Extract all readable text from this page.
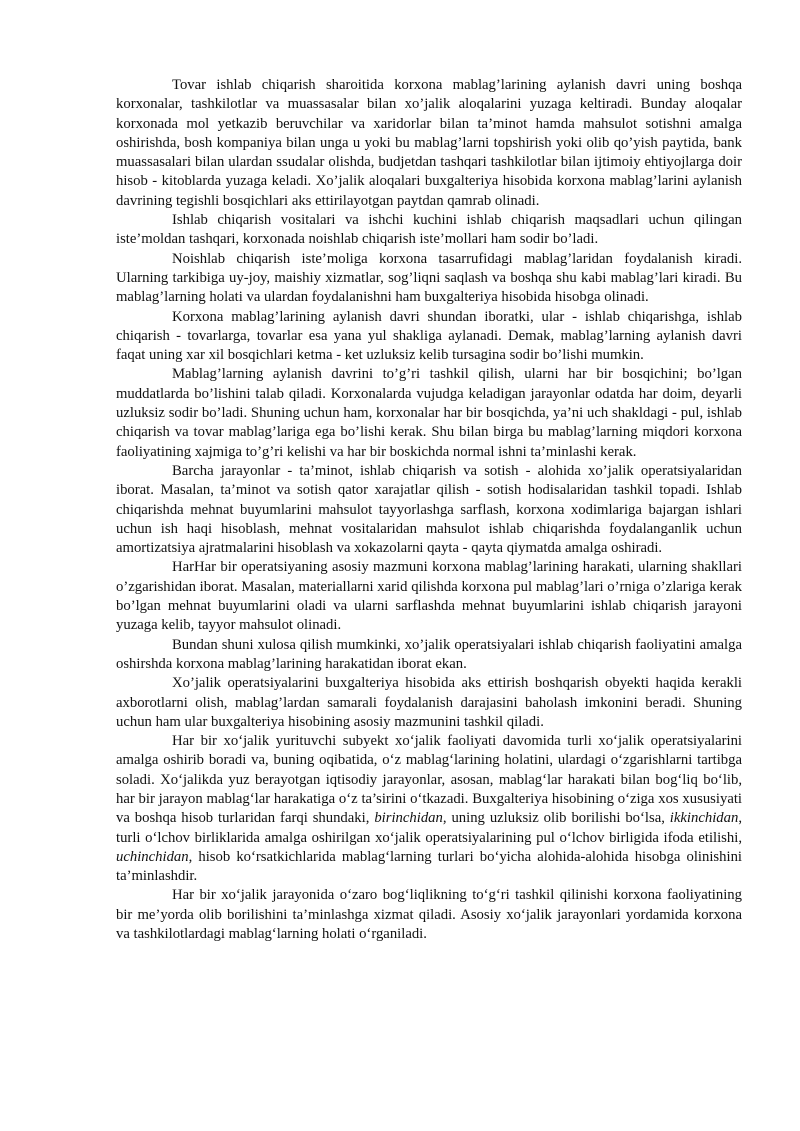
Tovar ishlab chiqarish sharoitida korxona mablag’larining aylanish davri uning boshqa korxonalar, tashkilotlar va muassasalar bilan xo’jalik aloqalarini yuzaga keltiradi. Bunday aloqalar korxonada mol yetkazib beruvchilar va xaridorlar bilan ta’minot hamda mahsulot sotishni amalga oshirishda, bosh kompaniya bilan unga u yoki bu mablag’larni topshirish yoki olib qo’yish paytida, bank muassasalari bilan ulardan ssudalar olishda, budjetdan tashqari tashkilotlar bilan ijtimoiy ehtiyojlarga doir hisob - kitoblarda yuzaga keladi. Xo’jalik aloqalari buxgalteriya hisobida korxona mablag’larini aylanish davrining tegishli bosqichlari aks ettirilayotgan paytdan qamrab olinadi.

Ishlab chiqarish vositalari va ishchi kuchini ishlab chiqarish maqsadlari uchun qilingan iste’moldan tashqari, korxonada noishlab chiqarish iste’mollari ham sodir bo’ladi.

Noishlab chiqarish iste’moliga korxona tasarrufidagi mablag’laridan foydalanish kiradi. Ularning tarkibiga uy-joy, maishiy xizmatlar, sog’liqni saqlash va boshqa shu kabi mablag’lari kiradi. Bu mablag’larning holati va ulardan foydalanishni ham buxgalteriya hisobida hisobga olinadi.

Korxona mablag’larining aylanish davri shundan iboratki, ular - ishlab chiqarishga, ishlab chiqarish - tovarlarga, tovarlar esa yana yul shakliga aylanadi. Demak, mablag’larning aylanish davri faqat uning xar xil bosqichlari ketma - ket uzluksiz kelib tursagina sodir bo’lishi mumkin.

Mablag’larning aylanish davrini to’g’ri tashkil qilish, ularni har bir bosqichini; bo’lgan muddatlarda bo’lishini talab qiladi. Korxonalarda vujudga keladigan jarayonlar odatda har doim, deyarli uzluksiz sodir bo’ladi. Shuning uchun ham, korxonalar har bir bosqichda, ya’ni uch shakldagi - pul, ishlab chiqarish va tovar mablag’lariga ega bo’lishi kerak. Shu bilan birga bu mablag’larning miqdori korxona faoliyatining xajmiga to’g’ri kelishi va har bir boskichda normal ishni ta’minlashi kerak.

Barcha jarayonlar - ta’minot, ishlab chiqarish va sotish - alohida xo’jalik operatsiyalaridan iborat. Masalan, ta’minot va sotish qator xarajatlar qilish - sotish hodisalaridan tashkil topadi. Ishlab chiqarishda mehnat buyumlarini mahsulot tayyorlashga sarflash, korxona xodimlariga bajargan ishlari uchun ish haqi hisoblash, mehnat vositalaridan mahsulot ishlab chiqarishda foydalanganlik uchun amortizatsiya ajratmalarini hisoblash va xokazolarni qayta - qayta qiymatda amalga oshiradi.

HarHar bir operatsiyaning asosiy mazmuni korxona mablag’larining harakati, ularning shakllari o’zgarishidan iborat. Masalan, materiallarni xarid qilishda korxona pul mablag’lari o’rniga o’zlariga kerak bo’lgan mehnat buyumlarini oladi va ularni sarflashda mehnat buyumlarini ishlab chiqarish jarayoni yuzaga kelib, tayyor mahsulot olinadi.

Bundan shuni xulosa qilish mumkinki, xo’jalik operatsiyalari ishlab chiqarish faoliyatini amalga oshirshda korxona mablag’larining harakatidan iborat ekan.

Xo’jalik operatsiyalarini buxgalteriya hisobida aks ettirish boshqarish obyekti haqida kerakli axborotlarni olish, mablag’lardan samarali foydalanish darajasini baholash imkonini beradi. Shuning uchun ham ular buxgalteriya hisobining asosiy mazmunini tashkil qiladi.

Har bir xo‘jalik yurituvchi subyekt xo‘jalik faoliyati davomida turli xo‘jalik operatsiyalarini amalga oshirib boradi va, buning oqibatida, o‘z mablag‘larining holatini, ulardagi o‘zgarishlarni tartibga soladi. Xo‘jalikda yuz berayotgan iqtisodiy jarayonlar, asosan, mablag‘lar harakati bilan bog‘liq bo‘lib, har bir jarayon mablag‘lar harakatiga o‘z ta’sirini o‘tkazadi. Buxgalteriya hisobining o‘ziga xos xususiyati va boshqa hisob turlaridan farqi shundaki, birinchidan, uning uzluksiz olib borilishi bo‘lsa, ikkinchidan, turli o‘lchov birliklarida amalga oshirilgan xo‘jalik operatsiyalarining pul o‘lchov birligida ifoda etilishi, uchinchidan, hisob ko‘rsatkichlarida mablag‘larning turlari bo‘yicha alohida-alohida hisobga olinishini ta’minlashdir.

Har bir xo‘jalik jarayonida o‘zaro bog‘liqlikning to‘g‘ri tashkil qilinishi korxona faoliyatining bir me’yorda olib borilishini ta’minlashga xizmat qiladi. Asosiy xo‘jalik jarayonlari yordamida korxona va tashkilotlardagi mablag‘larning holati o‘rganiladi.
